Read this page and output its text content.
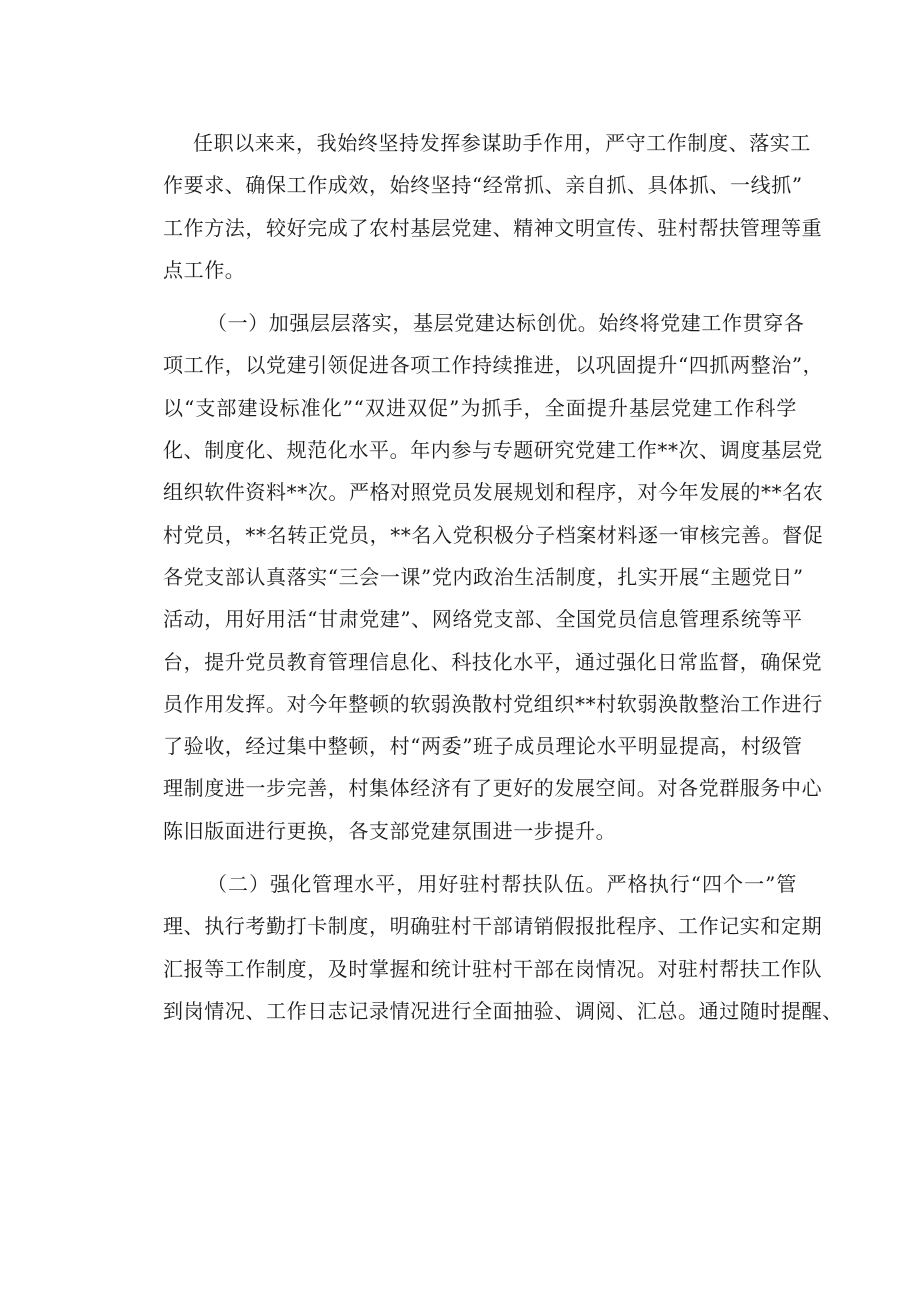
任职以来来，我始终坚持发挥参谋助手作用，严守工作制度、落实工
作要求、确保工作成效，始终坚持“经常抓、亲自抓、具体抓、一线抓”
工作方法，较好完成了农村基层党建、精神文明宣传、驻村帮扶管理等重
点工作。

（一）加强层层落实，基层党建达标创优。始终将党建工作贯穿各
项工作，以党建引领促进各项工作持续推进，以巩固提升“四抓两整治”，
以“支部建设标准化”“双进双促”为抓手，全面提升基层党建工作科学
化、制度化、规范化水平。年内参与专题研究党建工作**次、调度基层党
组织软件资料**次。严格对照党员发展规划和程序，对今年发展的**名农
村党员，**名转正党员，**名入党积极分子档案材料逐一审核完善。督促
各党支部认真落实“三会一课”党内政治生活制度，扎实开展“主题党日”
活动，用好用活“甘肃党建”、网络党支部、全国党员信息管理系统等平
台，提升党员教育管理信息化、科技化水平，通过强化日常监督，确保党
员作用发挥。对今年整顿的软弱涣散村党组织**村软弱涣散整治工作进行
了验收，经过集中整顿，村“两委”班子成员理论水平明显提高，村级管
理制度进一步完善，村集体经济有了更好的发展空间。对各党群服务中心
陈旧版面进行更换，各支部党建氛围进一步提升。

（二）强化管理水平，用好驻村帮扶队伍。严格执行“四个一”管
理、执行考勤打卡制度，明确驻村干部请销假报批程序、工作记实和定期
汇报等工作制度，及时掌握和统计驻村干部在岗情况。对驻村帮扶工作队
到岗情况、工作日志记录情况进行全面抽验、调阅、汇总。通过随时提醒、
